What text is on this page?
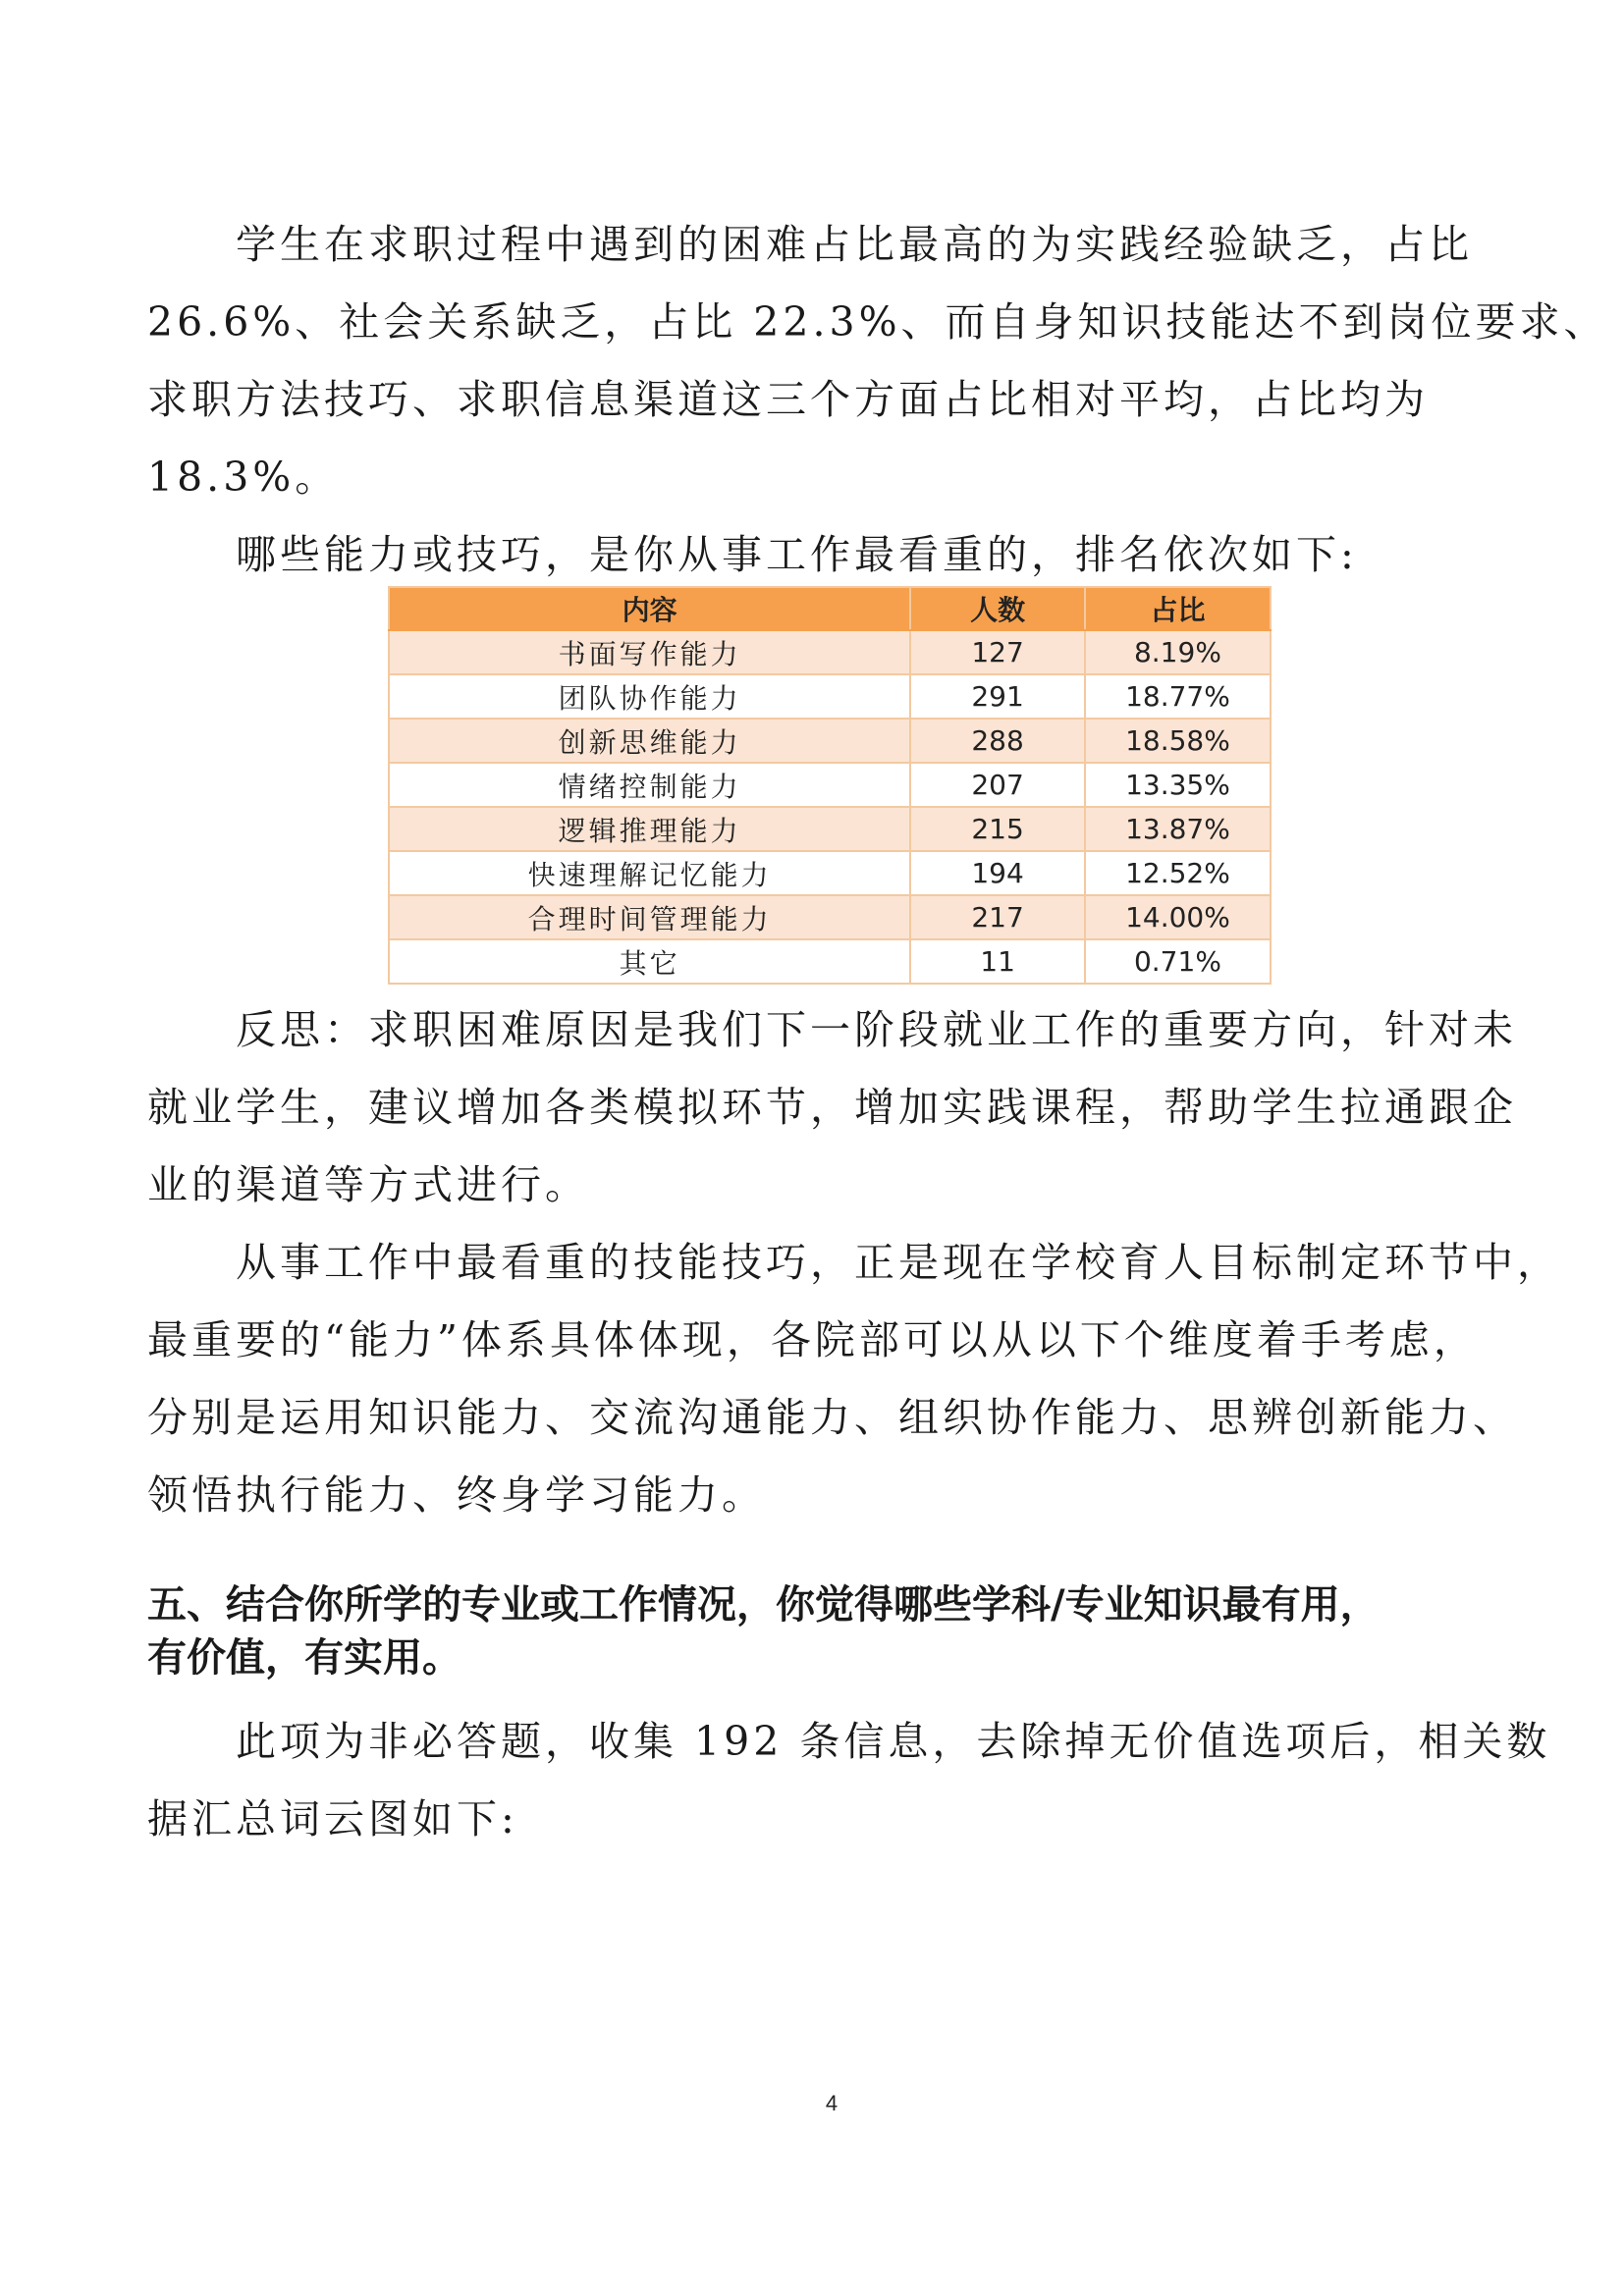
学生在求职过程中遇到的困难占比最高的为实践经验缺乏，占比
26.6%、社会关系缺乏，占比 22.3%、而自身知识技能达不到岗位要求、
求职方法技巧、求职信息渠道这三个方面占比相对平均，占比均为
18.3%。

哪些能力或技巧，是你从事工作最看重的，排名依次如下:

内容	人数	占比
书面写作能力	127	8.19%
团队协作能力	291	18.77%
创新思维能力	288	18.58%
情绪控制能力	207	13.35%
逻辑推理能力	215	13.87%
快速理解记忆能力	194	12.52%
合理时间管理能力	217	14.00%
其它	11	0.71%

反思：求职困难原因是我们下一阶段就业工作的重要方向，针对未
就业学生，建议增加各类模拟环节，增加实践课程，帮助学生拉通跟企
业的渠道等方式进行。

从事工作中最看重的技能技巧，正是现在学校育人目标制定环节中，
最重要的“能力”体系具体体现，各院部可以从以下个维度着手考虑，
分别是运用知识能力、交流沟通能力、组织协作能力、思辨创新能力、
领悟执行能力、终身学习能力。

五、结合你所学的专业或工作情况，你觉得哪些学科/专业知识最有用，
有价值，有实用。

此项为非必答题，收集 192 条信息，去除掉无价值选项后，相关数
据汇总词云图如下:

4
